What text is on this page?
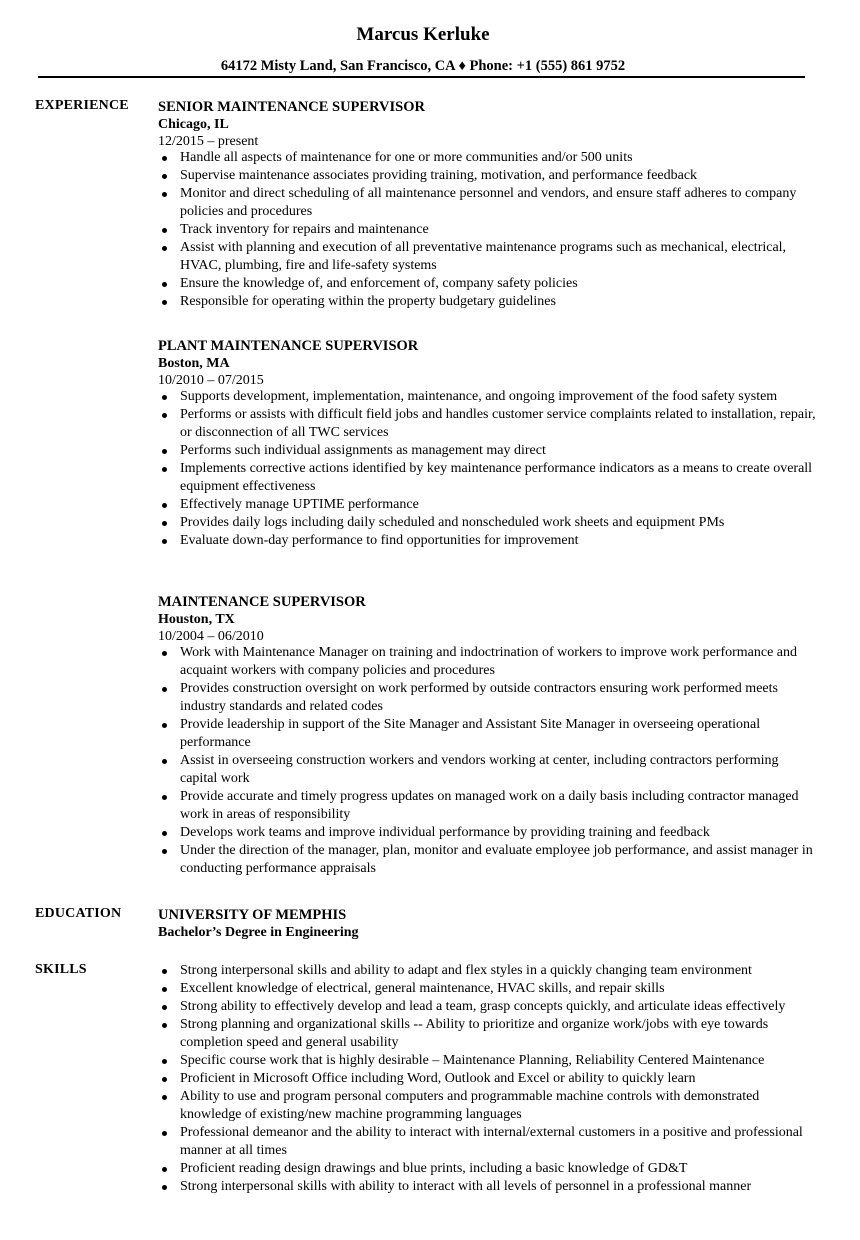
Marcus Kerluke
64172 Misty Land, San Francisco, CA ♦ Phone: +1 (555) 861 9752
EXPERIENCE	SENIOR MAINTENANCE SUPERVISOR
Chicago, IL
12/2015 – present
Handle all aspects of maintenance for one or more communities and/or 500 units
Supervise maintenance associates providing training, motivation, and performance feedback
Monitor and direct scheduling of all maintenance personnel and vendors, and ensure staff adheres to company policies and procedures
Track inventory for repairs and maintenance
Assist with planning and execution of all preventative maintenance programs such as mechanical, electrical, HVAC, plumbing, fire and life-safety systems
Ensure the knowledge of, and enforcement of, company safety policies
Responsible for operating within the property budgetary guidelines
PLANT MAINTENANCE SUPERVISOR
Boston, MA
10/2010 – 07/2015
Supports development, implementation, maintenance, and ongoing improvement of the food safety system
Performs or assists with difficult field jobs and handles customer service complaints related to installation, repair, or disconnection of all TWC services
Performs such individual assignments as management may direct
Implements corrective actions identified by key maintenance performance indicators as a means to create overall equipment effectiveness
Effectively manage UPTIME performance
Provides daily logs including daily scheduled and nonscheduled work sheets and equipment PMs
Evaluate down-day performance to find opportunities for improvement
MAINTENANCE SUPERVISOR
Houston, TX
10/2004 – 06/2010
Work with Maintenance Manager on training and indoctrination of workers to improve work performance and acquaint workers with company policies and procedures
Provides construction oversight on work performed by outside contractors ensuring work performed meets industry standards and related codes
Provide leadership in support of the Site Manager and Assistant Site Manager in overseeing operational performance
Assist in overseeing construction workers and vendors working at center, including contractors performing capital work
Provide accurate and timely progress updates on managed work on a daily basis including contractor managed work in areas of responsibility
Develops work teams and improve individual performance by providing training and feedback
Under the direction of the manager, plan, monitor and evaluate employee job performance, and assist manager in conducting performance appraisals
EDUCATION	UNIVERSITY OF MEMPHIS
Bachelor’s Degree in Engineering
SKILLS	Strong interpersonal skills and ability to adapt and flex styles in a quickly changing team environment
Excellent knowledge of electrical, general maintenance, HVAC skills, and repair skills
Strong ability to effectively develop and lead a team, grasp concepts quickly, and articulate ideas effectively
Strong planning and organizational skills -- Ability to prioritize and organize work/jobs with eye towards completion speed and general usability
Specific course work that is highly desirable – Maintenance Planning, Reliability Centered Maintenance
Proficient in Microsoft Office including Word, Outlook and Excel or ability to quickly learn
Ability to use and program personal computers and programmable machine controls with demonstrated knowledge of existing/new machine programming languages
Professional demeanor and the ability to interact with internal/external customers in a positive and professional manner at all times
Proficient reading design drawings and blue prints, including a basic knowledge of GD&T
Strong interpersonal skills with ability to interact with all levels of personnel in a professional manner
